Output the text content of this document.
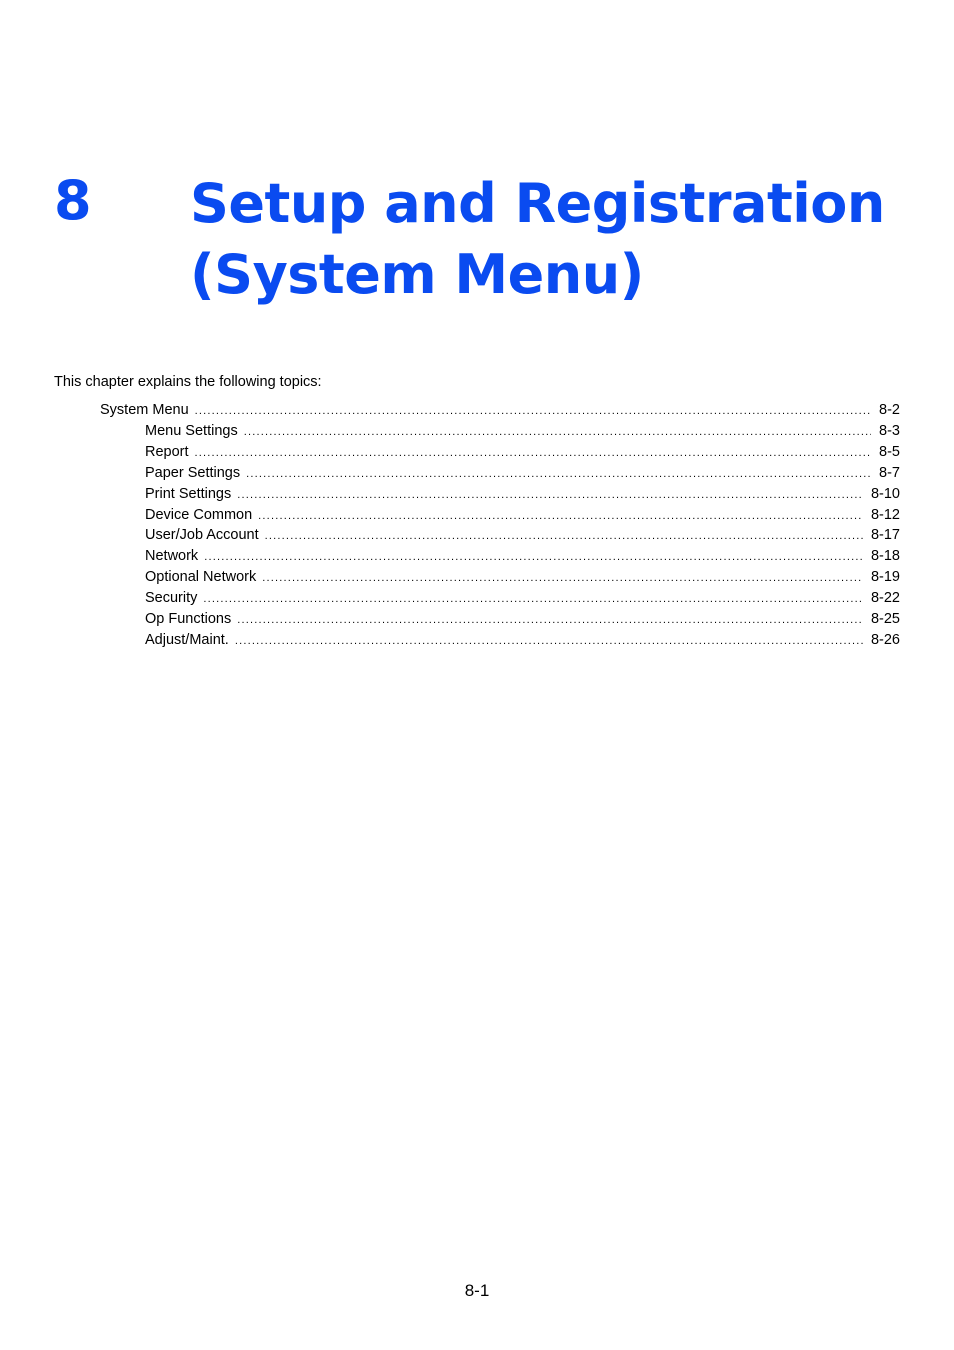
8 Setup and Registration
(System Menu)
This chapter explains the following topics:
System Menu .....	8-2
Menu Settings .....	8-3
Report .....	8-5
Paper Settings .....	8-7
Print Settings .....	8-10
Device Common .....	8-12
User/Job Account .....	8-17
Network .....	8-18
Optional Network .....	8-19
Security .....	8-22
Op Functions .....	8-25
Adjust/Maint. .....	8-26
8-1
